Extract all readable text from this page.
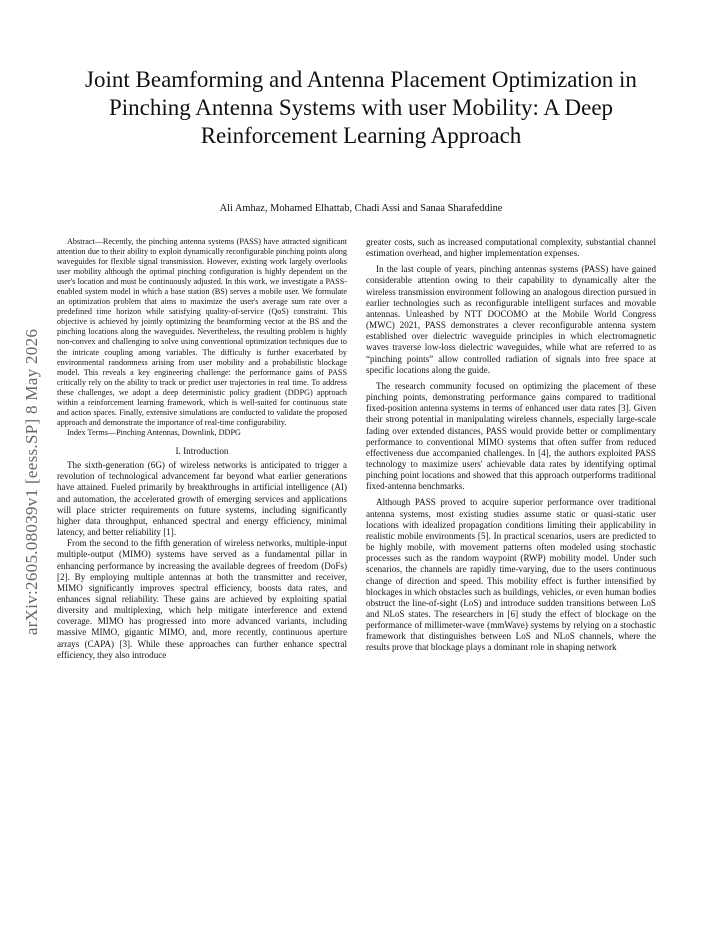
arXiv:2605.08039v1 [eess.SP] 8 May 2026
Joint Beamforming and Antenna Placement Optimization in Pinching Antenna Systems with user Mobility: A Deep Reinforcement Learning Approach

Ali Amhaz, Mohamed Elhattab, Chadi Assi and Sanaa Sharafeddine

Abstract—Recently, the pinching antenna systems (PASS) have attracted significant attention due to their ability to exploit dynamically reconfigurable pinching points along waveguides for flexible signal transmission. However, existing work largely overlooks user mobility although the optimal pinching configuration is highly dependent on the user's location and must be continuously adjusted. In this work, we investigate a PASS-enabled system model in which a base station (BS) serves a mobile user. We formulate an optimization problem that aims to maximize the user's average sum rate over a predefined time horizon while satisfying quality-of-service (QoS) constraint. This objective is achieved by jointly optimizing the beamforming vector at the BS and the pinching locations along the waveguides. Nevertheless, the resulting problem is highly non-convex and challenging to solve using conventional optimization techniques due to the intricate coupling among variables. The difficulty is further exacerbated by environmental randomness arising from user mobility and a probabilistic blockage model. This reveals a key engineering challenge: the performance gains of PASS critically rely on the ability to track or predict user trajectories in real time. To address these challenges, we adopt a deep deterministic policy gradient (DDPG) approach within a reinforcement learning framework, which is well-suited for continuous state and action spaces. Finally, extensive simulations are conducted to validate the proposed approach and demonstrate the importance of real-time configurability.

Index Terms—Pinching Antennas, Downlink, DDPG

I. Introduction

The sixth-generation (6G) of wireless networks is anticipated to trigger a revolution of technological advancement far beyond what earlier generations have attained. Fueled primarily by breakthroughs in artificial intelligence (AI) and automation, the accelerated growth of emerging services and applications will place stricter requirements on future systems, including significantly higher data throughput, enhanced spectral and energy efficiency, minimal latency, and better reliability [1].

From the second to the fifth generation of wireless networks, multiple-input multiple-output (MIMO) systems have served as a fundamental pillar in enhancing performance by increasing the available degrees of freedom (DoFs) [2]. By employing multiple antennas at both the transmitter and receiver, MIMO significantly improves spectral efficiency, boosts data rates, and enhances signal reliability. These gains are achieved by exploiting spatial diversity and multiplexing, which help mitigate interference and extend coverage. MIMO has progressed into more advanced variants, including massive MIMO, gigantic MIMO, and, more recently, continuous aperture arrays (CAPA) [3]. While these approaches can further enhance spectral efficiency, they also introduce

greater costs, such as increased computational complexity, substantial channel estimation overhead, and higher implementation expenses.

In the last couple of years, pinching antennas systems (PASS) have gained considerable attention owing to their capability to dynamically alter the wireless transmission environment following an analogous direction pursued in earlier technologies such as reconfigurable intelligent surfaces and movable antennas. Unleashed by NTT DOCOMO at the Mobile World Congress (MWC) 2021, PASS demonstrates a clever reconfigurable antenna system established over dielectric waveguide principles in which electromagnetic waves traverse low-loss dielectric waveguides, while what are referred to as “pinching points” allow controlled radiation of signals into free space at specific locations along the guide.

The research community focused on optimizing the placement of these pinching points, demonstrating performance gains compared to traditional fixed-position antenna systems in terms of enhanced user data rates [3]. Given their strong potential in manipulating wireless channels, especially large-scale fading over extended distances, PASS would provide better or complimentary performance to conventional MIMO systems that often suffer from reduced effectiveness due accompanied challenges. In [4], the authors exploited PASS technology to maximize users' achievable data rates by identifying optimal pinching point locations and showed that this approach outperforms traditional fixed-antenna benchmarks.

Although PASS proved to acquire superior performance over traditional antenna systems, most existing studies assume static or quasi-static user locations with idealized propagation conditions limiting their applicability in realistic mobile environments [5]. In practical scenarios, users are predicted to be highly mobile, with movement patterns often modeled using stochastic processes such as the random waypoint (RWP) mobility model. Under such scenarios, the channels are rapidly time-varying, due to the users continuous change of direction and speed. This mobility effect is further intensified by blockages in which obstacles such as buildings, vehicles, or even human bodies obstruct the line-of-sight (LoS) and introduce sudden transitions between LoS and NLoS states. The researchers in [6] study the effect of blockage on the performance of millimeter-wave (mmWave) systems by relying on a stochastic framework that distinguishes between LoS and NLoS channels, where the results prove that blockage plays a dominant role in shaping network
